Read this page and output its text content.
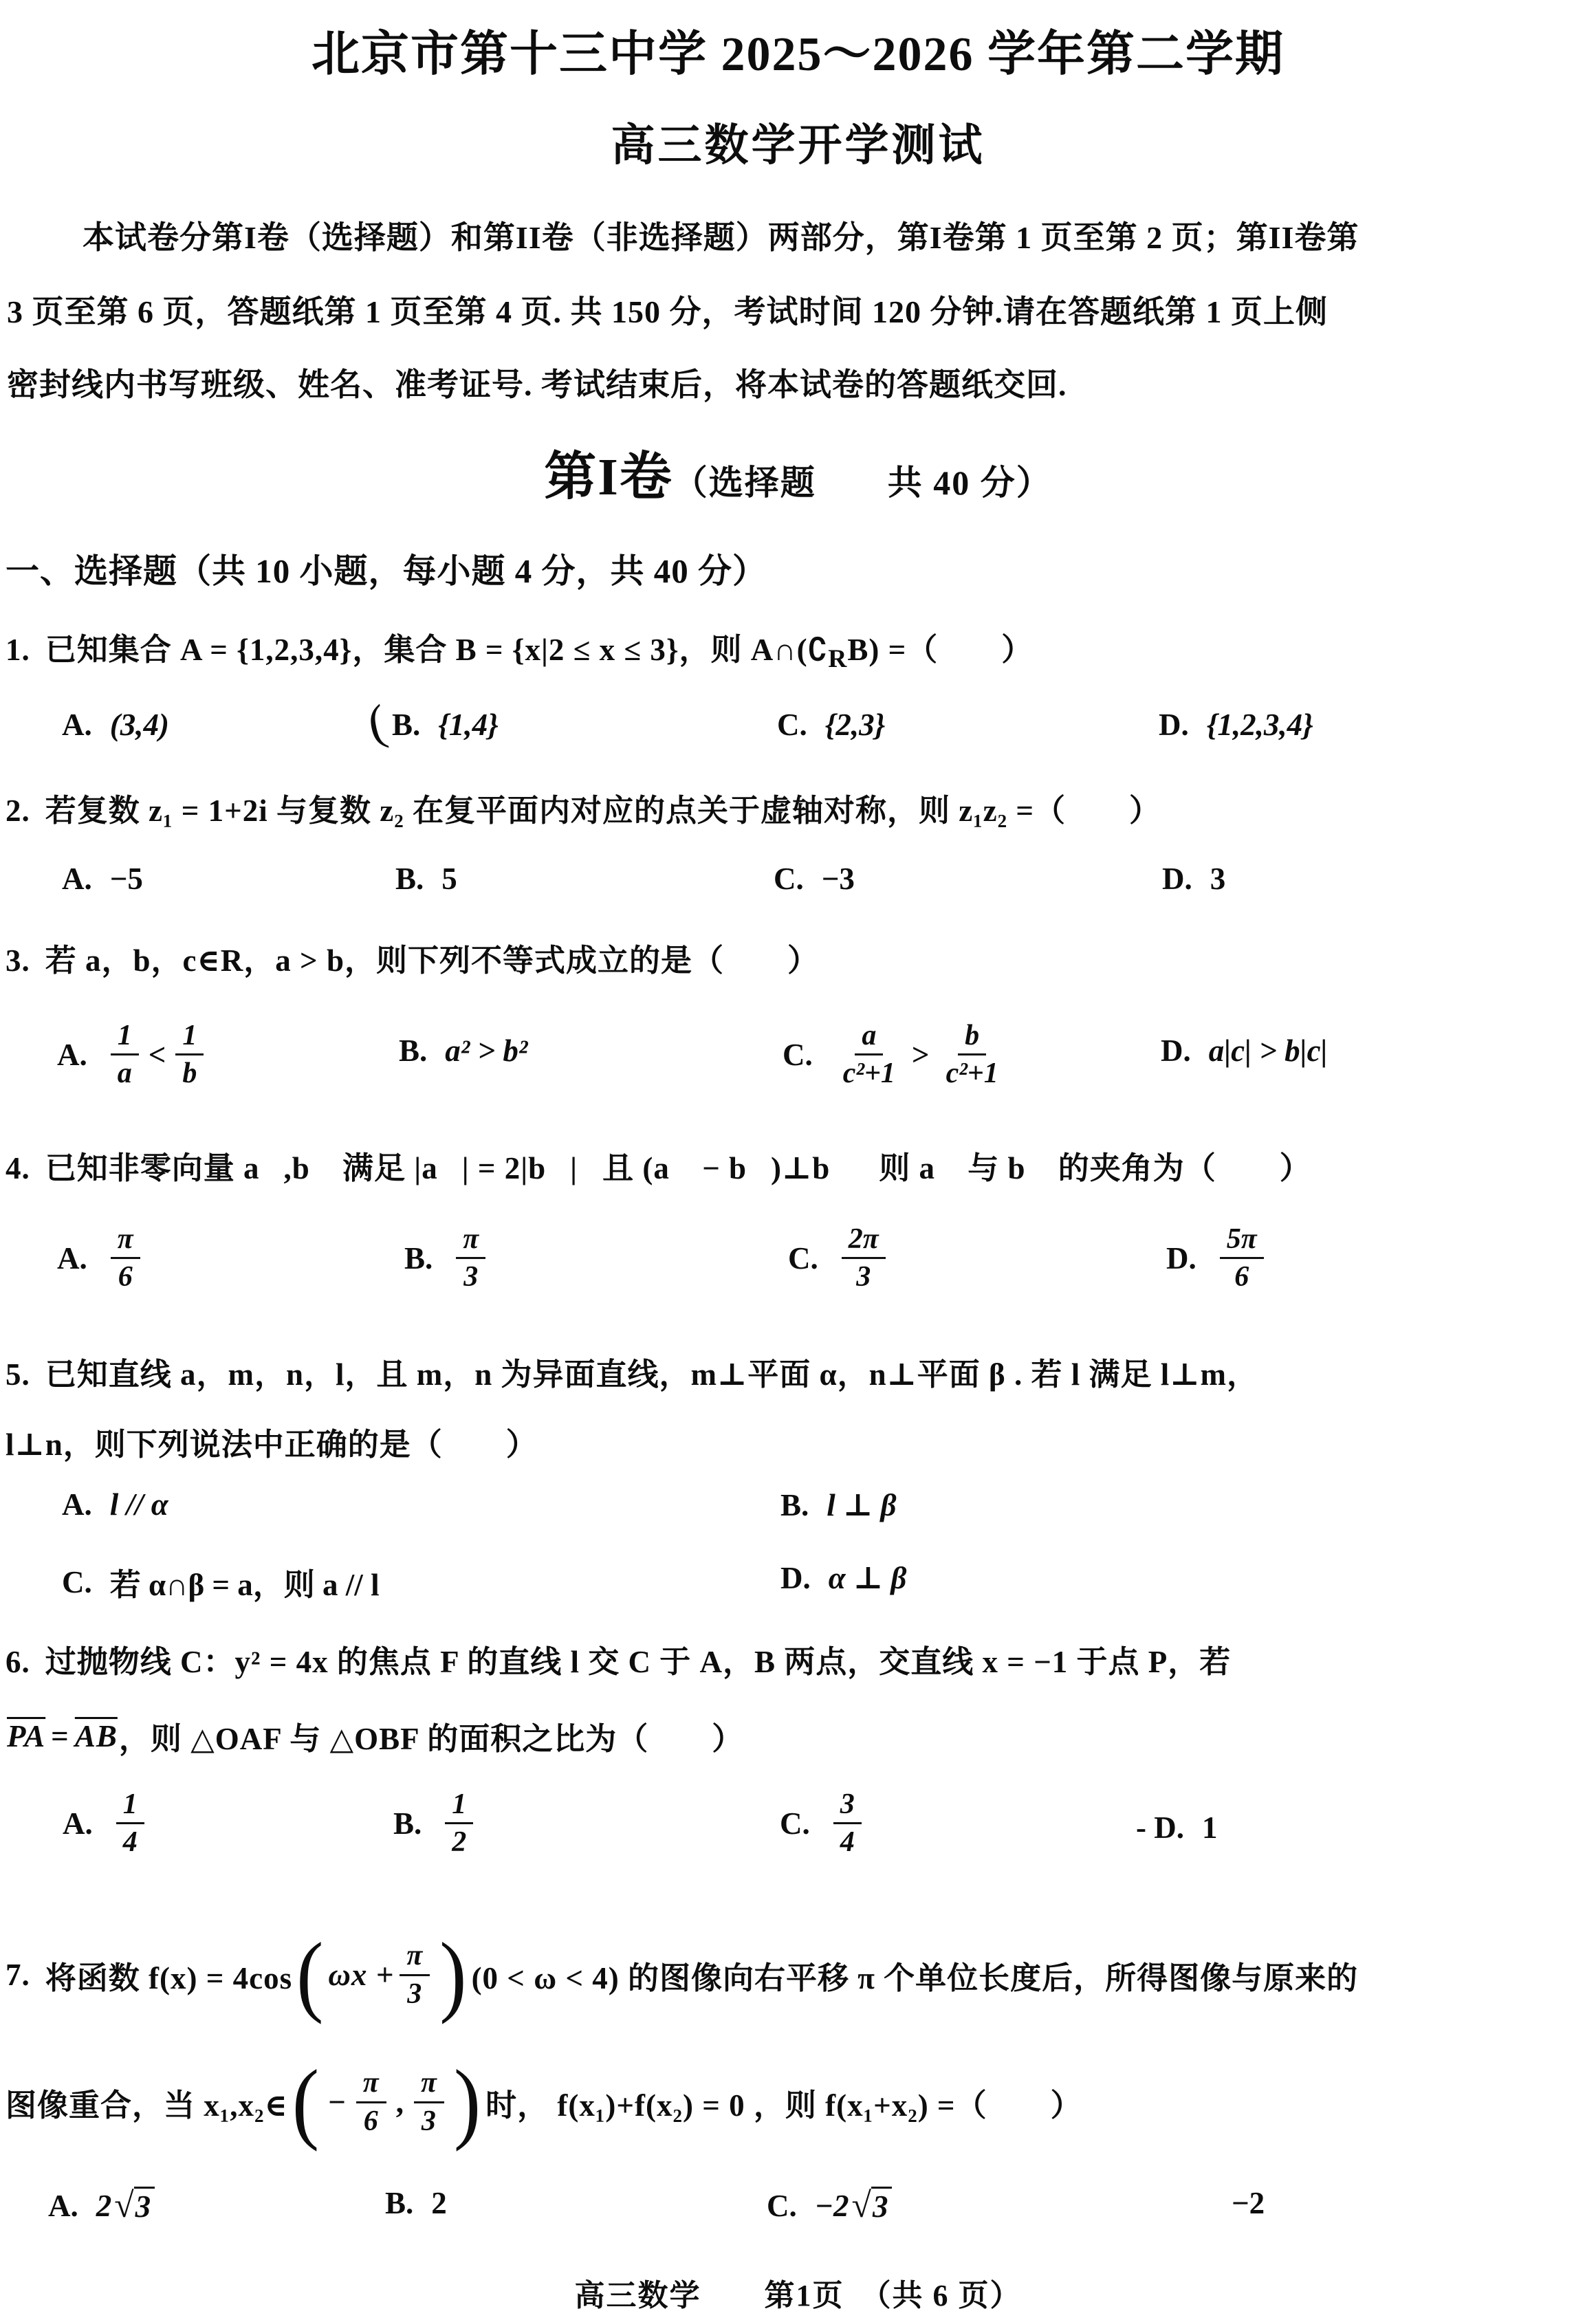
北京市第十三中学 2025～2026 学年第二学期
高三数学开学测试
本试卷分第I卷（选择题）和第II卷（非选择题）两部分，第I卷第 1 页至第 2 页；第II卷第
3 页至第 6 页，答题纸第 1 页至第 4 页. 共 150 分，考试时间 120 分钟.请在答题纸第 1 页上侧
密封线内书写班级、姓名、准考证号. 考试结束后，将本试卷的答题纸交回.
第I卷（选择题　　共 40 分）
一、选择题（共 10 小题，每小题 4 分，共 40 分）
1. 已知集合 A = {1,2,3,4}，集合 B = {x|2 ≤ x ≤ 3}，则 $A\cap(∁_RB)$ =（　　）
A. (3,4)	( B. {1,4}	C. {2,3}	D. {1,2,3,4}
2. 若复数 z₁ = 1+2i 与复数 z₂ 在复平面内对应的点关于虚轴对称，则 z₁z₂ =（　　）
A. −5	B. 5	C. −3	D. 3
3. 若 a，b，c∈R，a > b，则下列不等式成立的是（　　）
A. $\frac{1}{a} < \frac{1}{b}$	B. a² > b²	C. $\frac{a}{\text{c²+1}} > \frac{b}{\text{c²+1}}$	D. a|c| > b|c|
4. 已知非零向量 a⃗,b⃗ 满足 |a⃗| = 2|b⃗|，且 (a⃗ − b⃗)⊥b⃗，则 a⃗ 与 b⃗ 的夹角为（　　）
A. $\frac{\pi}{6}$	B. $\frac{\pi}{3}$	C. $\frac{2\pi}{3}$	D. $\frac{5\pi}{6}$
5. 已知直线 a，m，n，l，且 m，n 为异面直线，m⊥平面 α，n⊥平面 β . 若 l 满足 l⊥m，
l⊥n，则下列说法中正确的是（　　）
A. l // α	B. l ⊥ β
C. 若 α∩β = a，则 a // l	D. α ⊥ β
6. 过抛物线 C：y² = 4x 的焦点 F 的直线 l 交 C 于 A，B 两点，交直线 x = −1 于点 P，若
$\overline{PA} = \overline{AB}$ ，则 △OAF 与 △OBF 的面积之比为（　　）
A. $\frac{1}{4}$	B. $\frac{1}{2}$	C. $\frac{3}{4}$	- D. 1
7. 将函数 f(x) = 4cos ( $\omega x + \frac{\pi}{3}$ ) (0 < ω < 4) 的图像向右平移 π 个单位长度后，所得图像与原来的
图像重合，当 x₁,x₂∈ ( − $\frac{\pi}{6}$ , $\frac{\pi}{3}$ ) 时， f(x₁)+f(x₂) = 0 ，则 f(x₁+x₂) =（　　）
A. 2 √ 3	B. 2	C. −2 √ 3	−2
高三数学　　第1页　（共 6 页）
